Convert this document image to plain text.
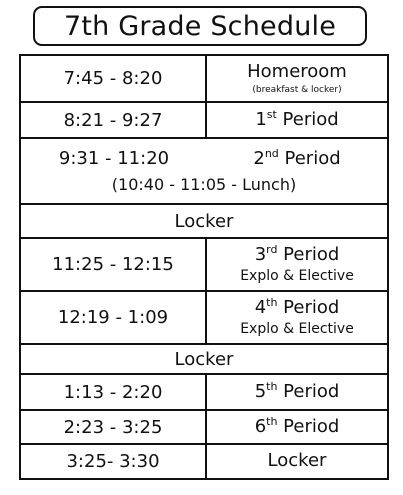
7th Grade Schedule
7:45 - 8:20	Homeroom
(breakfast & locker)
8:21 - 9:27	1st Period
9:31 - 11:20	2nd Period
(10:40 - 11:05 - Lunch)
Locker
11:25 - 12:15	3rd Period
Explo & Elective
12:19 - 1:09	4th Period
Explo & Elective
Locker
1:13 - 2:20	5th Period
2:23 - 3:25	6th Period
3:25- 3:30	Locker
